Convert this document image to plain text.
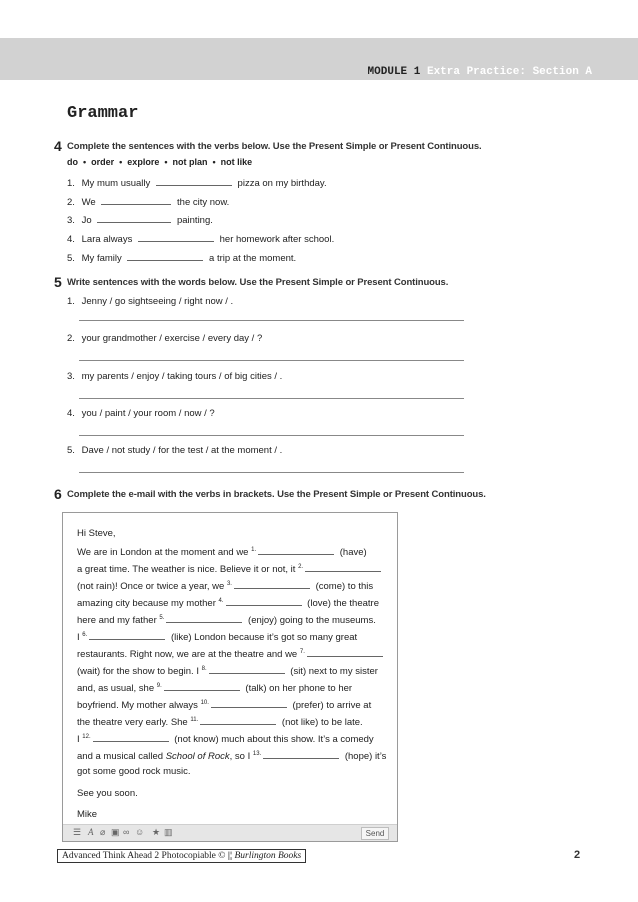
MODULE 1 Extra Practice: Section A
Grammar
4 Complete the sentences with the verbs below. Use the Present Simple or Present Continuous.
do  •  order  •  explore  •  not plan  •  not like
1. My mum usually	pizza on my birthday.
2. We	the city now.
3. Jo	painting.
4. Lara always	her homework after school.
5. My family	a trip at the moment.
5 Write sentences with the words below. Use the Present Simple or Present Continuous.
1. Jenny / go sightseeing / right now / .
2. your grandmother / exercise / every day / ?
3. my parents / enjoy / taking tours / of big cities / .
4. you / paint / your room / now / ?
5. Dave / not study / for the test / at the moment / .
6 Complete the e-mail with the verbs in brackets. Use the Present Simple or Present Continuous.
Hi Steve,
We are in London at the moment and we $^{1.}$	(have)
a great time. The weather is nice. Believe it or not, it $^{2.}$
(not rain)! Once or twice a year, we $^{3.}$	(come) to this
amazing city because my mother $^{4.}$	(love) the theatre
here and my father $^{5.}$	(enjoy) going to the museums.
I $^{6.}$	(like) London because it’s got so many great
restaurants. Right now, we are at the theatre and we $^{7.}$
(wait) for the show to begin. I $^{8.}$	(sit) next to my sister
and, as usual, she $^{9.}$	(talk) on her phone to her
boyfriend. My mother always $^{10.}$	(prefer) to arrive at
the theatre very early. She $^{11.}$	(not like) to be late.
I $^{12.}$	(not know) much about this show. It’s a comedy
and a musical called School of Rock, so I $^{13.}$	(hope) it’s
got some good rock music.
See you soon.
Mike
☰ A ⌀ ▣ ∞ ☺ ★ ▥	Send
Advanced Think Ahead 2 Photocopiable © |¦ Burlington Books	2
